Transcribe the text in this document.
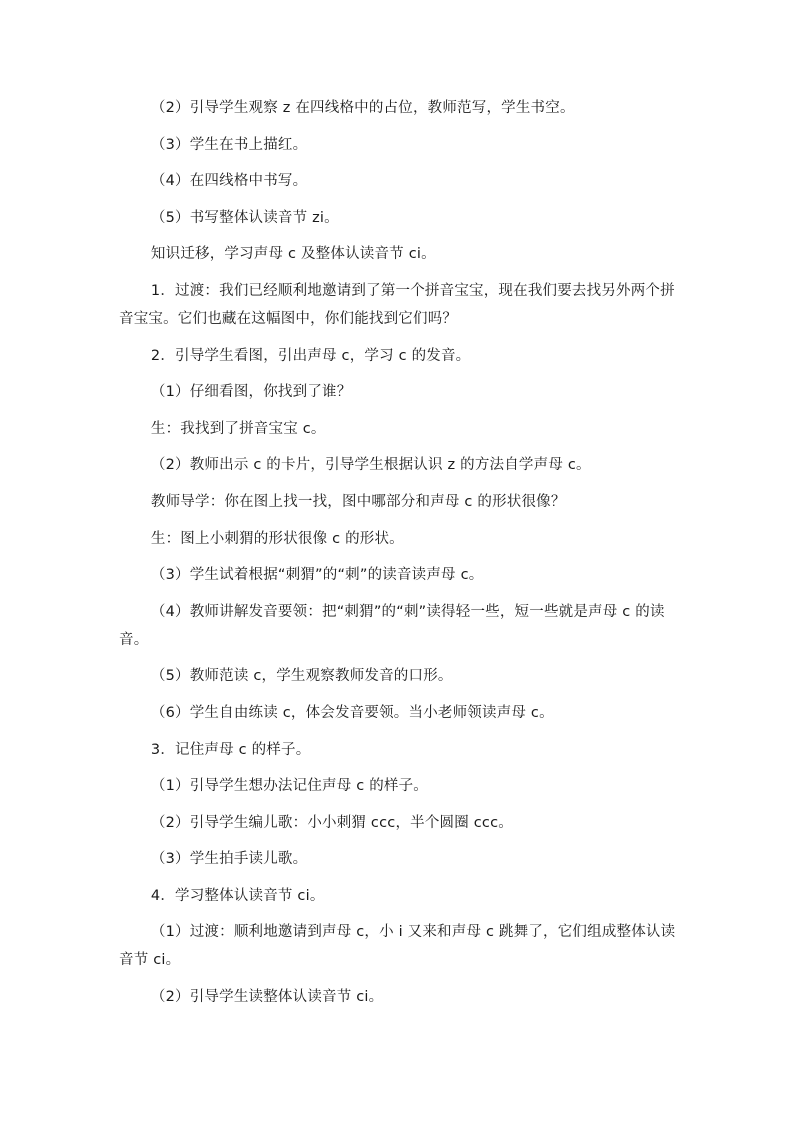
（2）引导学生观察 z 在四线格中的占位，教师范写，学生书空。

（3）学生在书上描红。

（4）在四线格中书写。

（5）书写整体认读音节 zi。

知识迁移，学习声母 c 及整体认读音节 ci。

1．过渡：我们已经顺利地邀请到了第一个拼音宝宝，现在我们要去找另外两个拼音宝宝。它们也藏在这幅图中，你们能找到它们吗？

2．引导学生看图，引出声母 c，学习 c 的发音。

（1）仔细看图，你找到了谁？

生：我找到了拼音宝宝 c。

（2）教师出示 c 的卡片，引导学生根据认识 z 的方法自学声母 c。

教师导学：你在图上找一找，图中哪部分和声母 c 的形状很像？

生：图上小刺猬的形状很像 c 的形状。

（3）学生试着根据“刺猬”的“刺”的读音读声母 c。

（4）教师讲解发音要领：把“刺猬”的“刺”读得轻一些，短一些就是声母 c 的读音。

（5）教师范读 c，学生观察教师发音的口形。

（6）学生自由练读 c，体会发音要领。当小老师领读声母 c。

3．记住声母 c 的样子。

（1）引导学生想办法记住声母 c 的样子。

（2）引导学生编儿歌：小小刺猬 ccc，半个圆圈 ccc。

（3）学生拍手读儿歌。

4．学习整体认读音节 ci。

（1）过渡：顺利地邀请到声母 c，小 i 又来和声母 c 跳舞了，它们组成整体认读音节 ci。

（2）引导学生读整体认读音节 ci。
